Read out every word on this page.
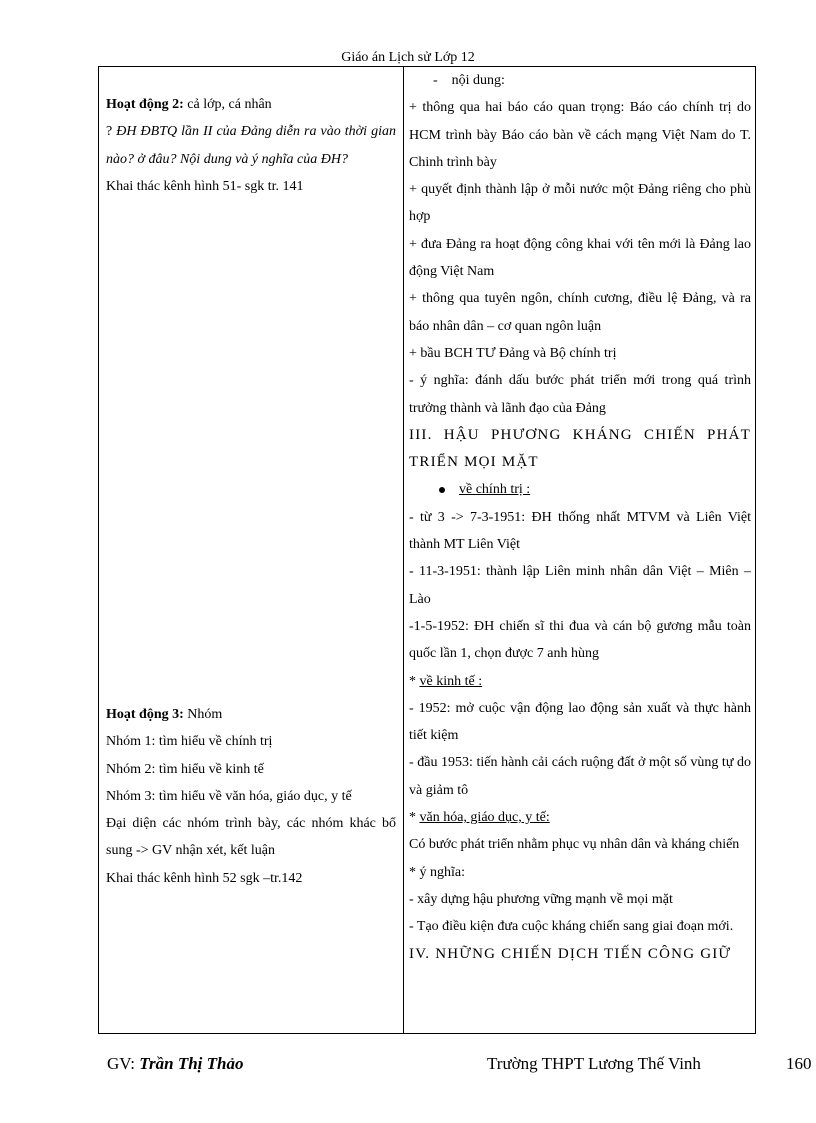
Giáo án Lịch sử Lớp 12
Hoạt động 2: cả lớp, cá nhân
? ĐH ĐBTQ lần II của Đảng diễn ra vào thời gian nào? ở đâu? Nội dung và ý nghĩa của ĐH?
Khai thác kênh hình 51- sgk tr. 141
Hoạt động 3: Nhóm
Nhóm 1: tìm hiểu về chính trị
Nhóm 2: tìm hiểu về kinh tế
Nhóm 3: tìm hiểu về văn hóa, giáo dục, y tế
Đại diện các nhóm trình bày, các nhóm khác bổ sung -> GV nhận xét, kết luận
Khai thác kênh hình 52 sgk –tr.142
- nội dung:
+ thông qua hai báo cáo quan trọng: Báo cáo chính trị do HCM trình bày Báo cáo bàn về cách mạng Việt Nam do T. Chinh trình bày
+ quyết định thành lập ở mỗi nước một Đảng riêng cho phù hợp
+ đưa Đảng ra hoạt động công khai với tên mới là Đảng lao động Việt Nam
+ thông qua tuyên ngôn, chính cương, điều lệ Đảng, và ra báo nhân dân – cơ quan ngôn luận
+ bầu BCH TƯ Đảng và Bộ chính trị
- ý nghĩa: đánh dấu bước phát triển mới trong quá trình trưởng thành và lãnh đạo của Đảng
III. HẬU PHƯƠNG KHÁNG CHIẾN PHÁT TRIỂN MỌI MẶT
về chính trị :
- từ 3 -> 7-3-1951: ĐH thống nhất MTVM và Liên Việt thành MT Liên Việt
- 11-3-1951: thành lập Liên minh nhân dân Việt – Miên – Lào
-1-5-1952: ĐH chiến sĩ thi đua và cán bộ gương mẫu toàn quốc lần 1, chọn được 7 anh hùng
* về kinh tế :
- 1952: mở cuộc vận động lao động sản xuất và thực hành tiết kiệm
- đầu 1953: tiến hành cải cách ruộng đất ở một số vùng tự do và giảm tô
* văn hóa, giáo dục, y tế:
Có bước phát triển nhằm phục vụ nhân dân và kháng chiến
* ý nghĩa:
- xây dựng hậu phương vững mạnh về mọi mặt
- Tạo điều kiện đưa cuộc kháng chiến sang giai đoạn mới.
IV. NHỮNG CHIẾN DỊCH TIẾN CÔNG GIỮ
GV: Trần Thị Thảo	Trường THPT Lương Thế Vinh	160
